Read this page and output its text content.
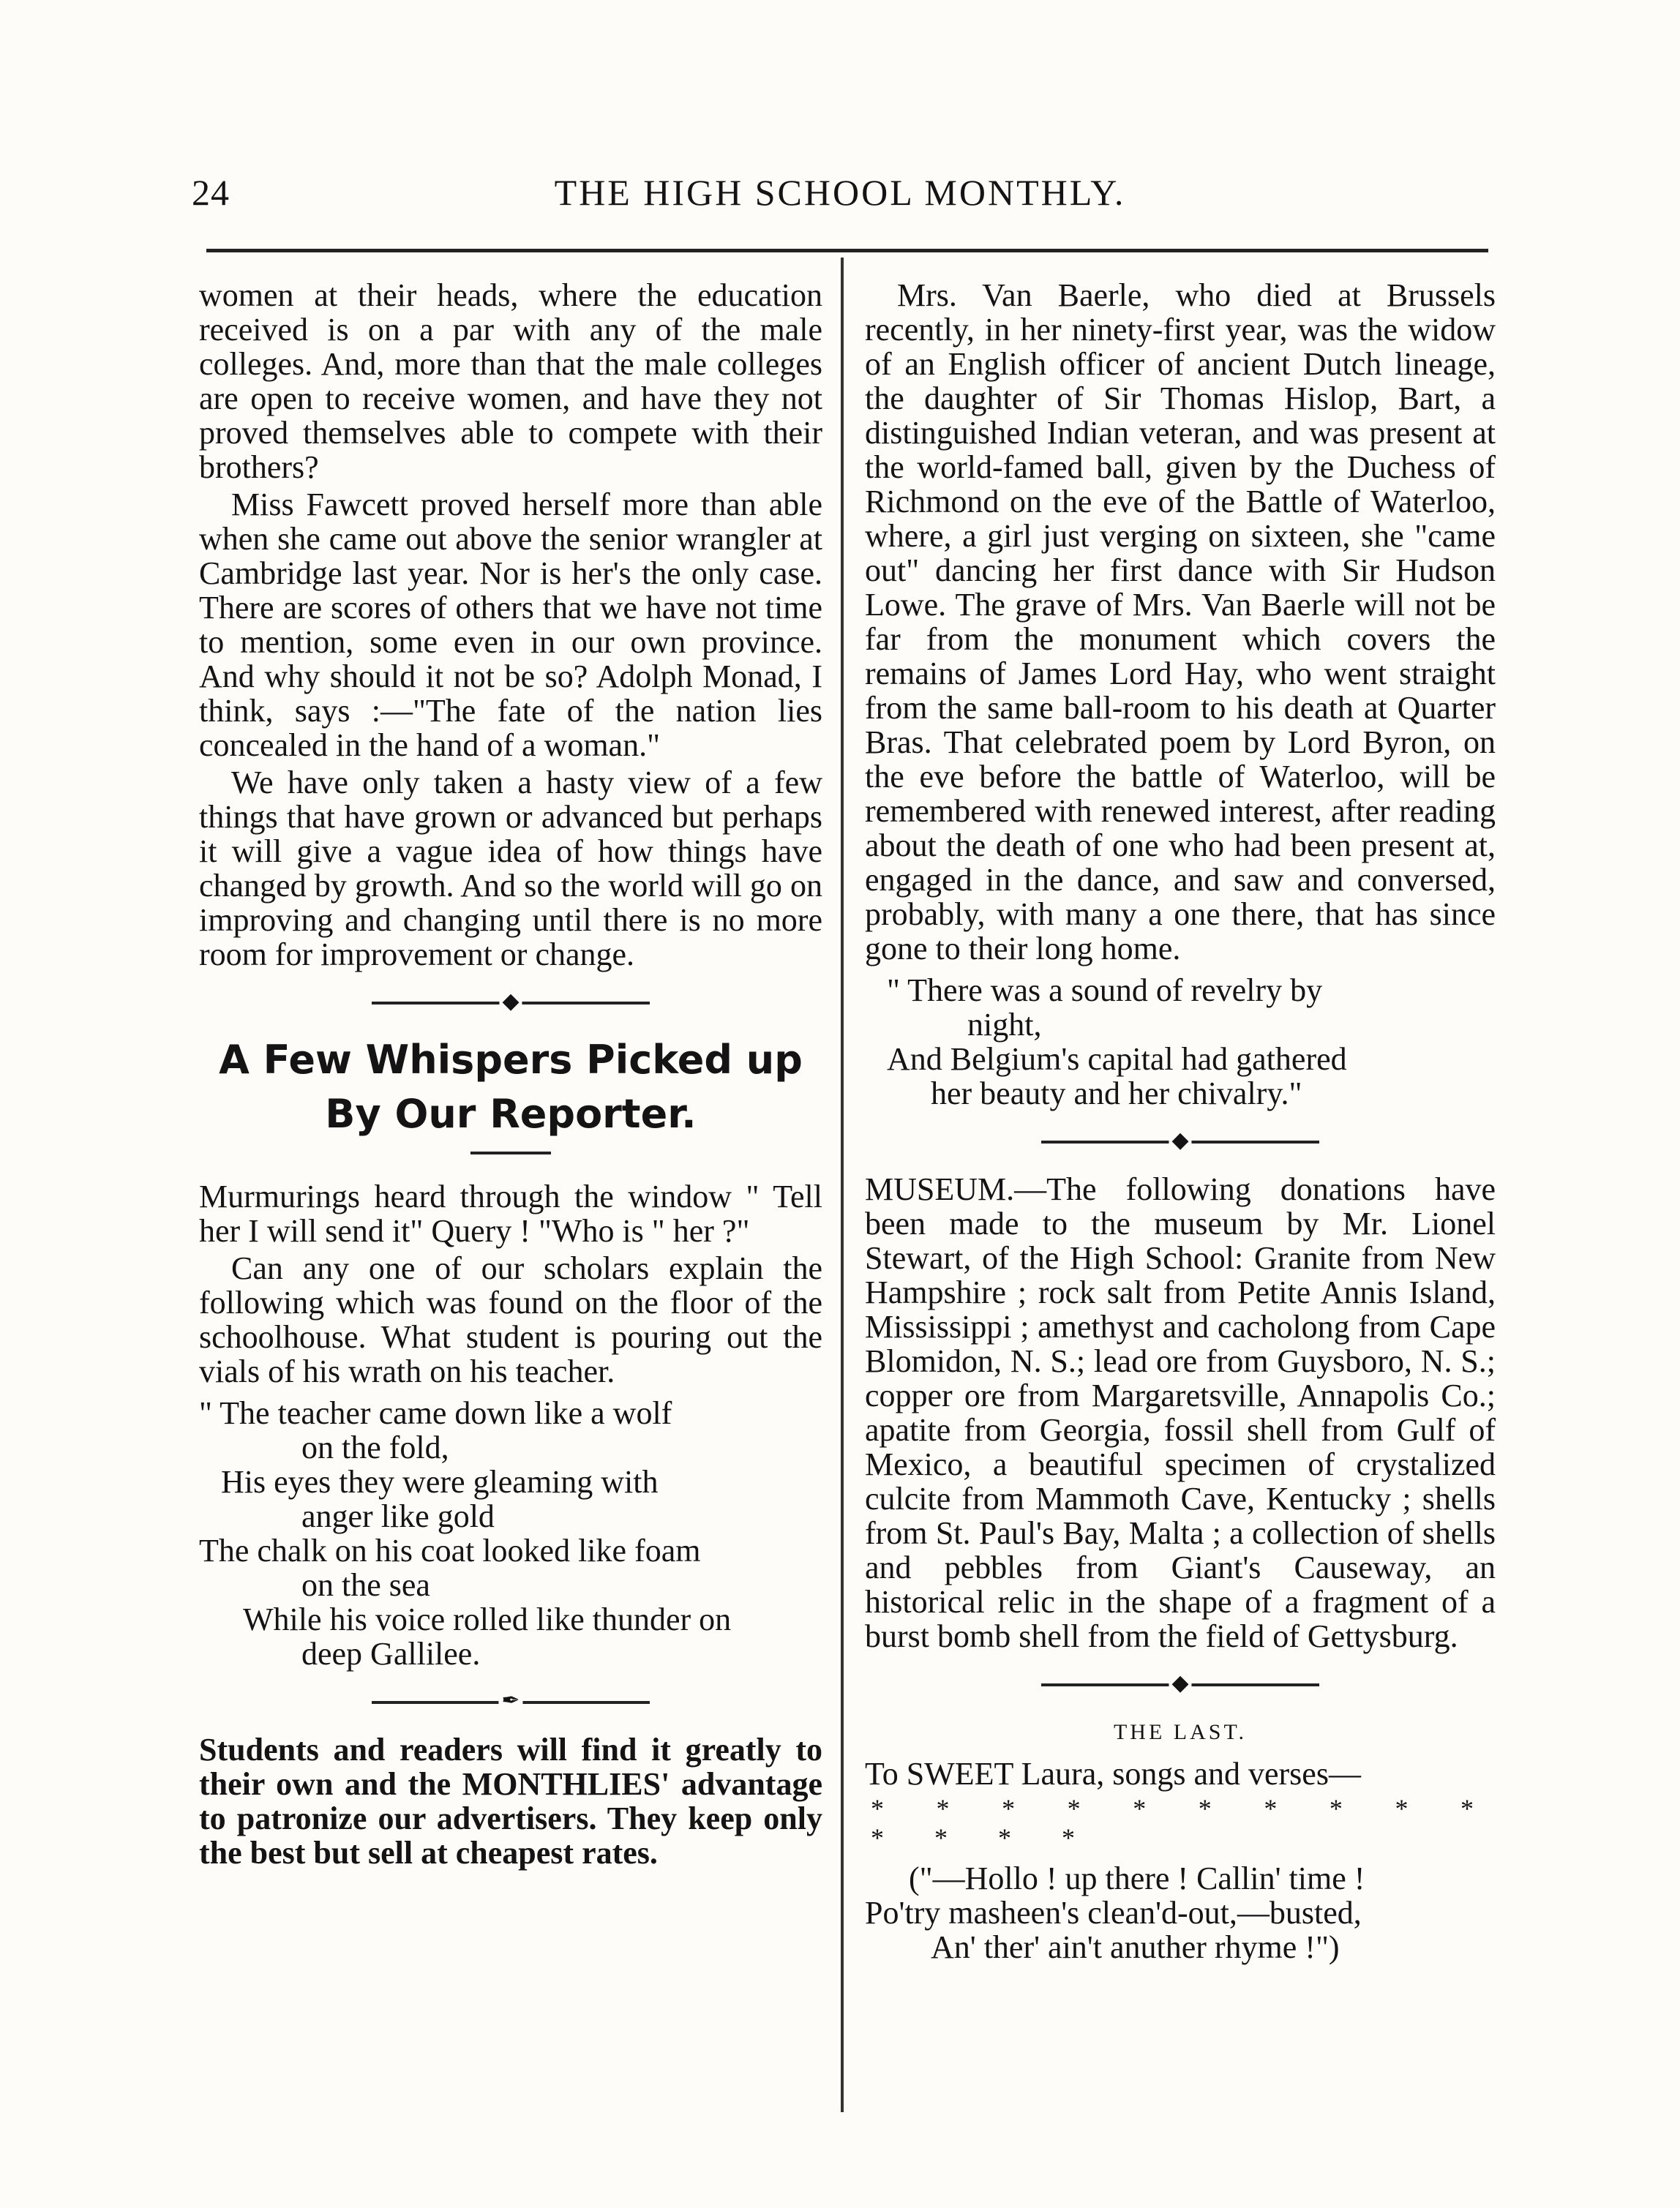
24	THE HIGH SCHOOL MONTHLY.

women at their heads, where the education received is on a par with any of the male colleges. And, more than that the male colleges are open to receive women, and have they not proved themselves able to compete with their brothers?

Miss Fawcett proved herself more than able when she came out above the senior wrangler at Cambridge last year. Nor is her's the only case. There are scores of others that we have not time to mention, some even in our own province. And why should it not be so? Adolph Monad, I think, says :—"The fate of the nation lies concealed in the hand of a woman."

We have only taken a hasty view of a few things that have grown or advanced but perhaps it will give a vague idea of how things have changed by growth. And so the world will go on improving and changing until there is no more room for improvement or change.

◆
A Few Whispers Picked up
By Our Reporter.

Murmurings heard through the window " Tell her I will send it" Query ! "Who is " her ?"

Can any one of our scholars explain the following which was found on the floor of the schoolhouse. What student is pouring out the vials of his wrath on his teacher.

" The teacher came down like a wolf
on the fold,
His eyes they were gleaming with
anger like gold
The chalk on his coat looked like foam
on the sea
While his voice rolled like thunder on
deep Gallilee.
✒

Students and readers will find it greatly to their own and the MONTHLIES' advantage to patronize our advertisers. They keep only the best but sell at cheapest rates.

Mrs. Van Baerle, who died at Brussels recently, in her ninety-first year, was the widow of an English officer of ancient Dutch lineage, the daughter of Sir Thomas Hislop, Bart, a distinguished Indian veteran, and was present at the world-famed ball, given by the Duchess of Richmond on the eve of the Battle of Waterloo, where, a girl just verging on sixteen, she "came out" dancing her first dance with Sir Hudson Lowe. The grave of Mrs. Van Baerle will not be far from the monument which covers the remains of James Lord Hay, who went straight from the same ball-room to his death at Quarter Bras. That celebrated poem by Lord Byron, on the eve before the battle of Waterloo, will be remembered with renewed interest, after reading about the death of one who had been present at, engaged in the dance, and saw and conversed, probably, with many a one there, that has since gone to their long home.

" There was a sound of revelry by
night,
And Belgium's capital had gathered
her beauty and her chivalry."
◆

MUSEUM.—The following donations have been made to the museum by Mr. Lionel Stewart, of the High School: Granite from New Hampshire ; rock salt from Petite Annis Island, Mississippi ; amethyst and cacholong from Cape Blomidon, N. S.; lead ore from Guysboro, N. S.; copper ore from Margaretsville, Annapolis Co.; apatite from Georgia, fossil shell from Gulf of Mexico, a beautiful specimen of crystalized culcite from Mammoth Cave, Kentucky ; shells from St. Paul's Bay, Malta ; a collection of shells and pebbles from Giant's Causeway, an historical relic in the shape of a fragment of a burst bomb shell from the field of Gettysburg.

◆
THE LAST.

To SWEET Laura, songs and verses—

* * * * * * * * * * * * * *
("—Hollo ! up there ! Callin' time !
Po'try masheen's clean'd-out,—busted,
An' ther' ain't anuther rhyme !")
